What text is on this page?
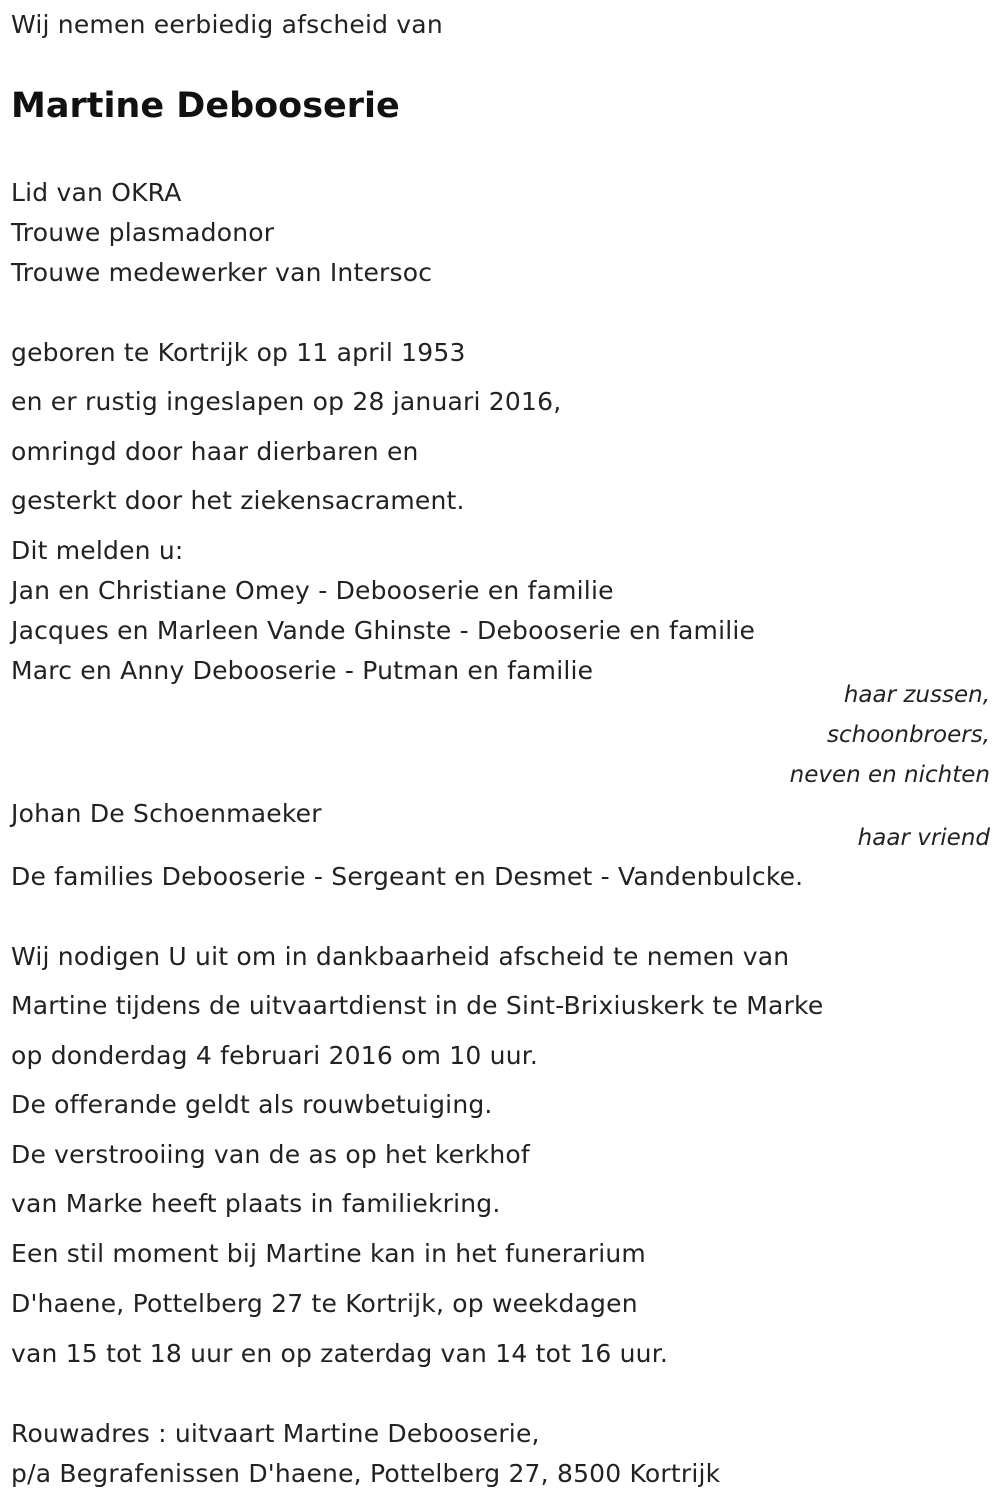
Wij nemen eerbiedig afscheid van
Martine Debooserie
Lid van OKRA
Trouwe plasmadonor
Trouwe medewerker van Intersoc
geboren te Kortrijk op 11 april 1953
en er rustig ingeslapen op 28 januari 2016,
omringd door haar dierbaren en
gesterkt door het ziekensacrament.
Dit melden u:
Jan en Christiane Omey - Debooserie en familie
Jacques en Marleen Vande Ghinste - Debooserie en familie
Marc en Anny Debooserie - Putman en familie
haar zussen,
schoonbroers,
neven en nichten
Johan De Schoenmaeker
haar vriend
De families Debooserie - Sergeant en Desmet - Vandenbulcke.
Wij nodigen U uit om in dankbaarheid afscheid te nemen van
Martine tijdens de uitvaartdienst in de Sint-Brixiuskerk te Marke
op donderdag 4 februari 2016 om 10 uur.
De offerande geldt als rouwbetuiging.
De verstrooiing van de as op het kerkhof
van Marke heeft plaats in familiekring.
Een stil moment bij Martine kan in het funerarium
D'haene, Pottelberg 27 te Kortrijk, op weekdagen
van 15 tot 18 uur en op zaterdag van 14 tot 16 uur.
Rouwadres : uitvaart Martine Debooserie,
p/a Begrafenissen D'haene, Pottelberg 27, 8500 Kortrijk
